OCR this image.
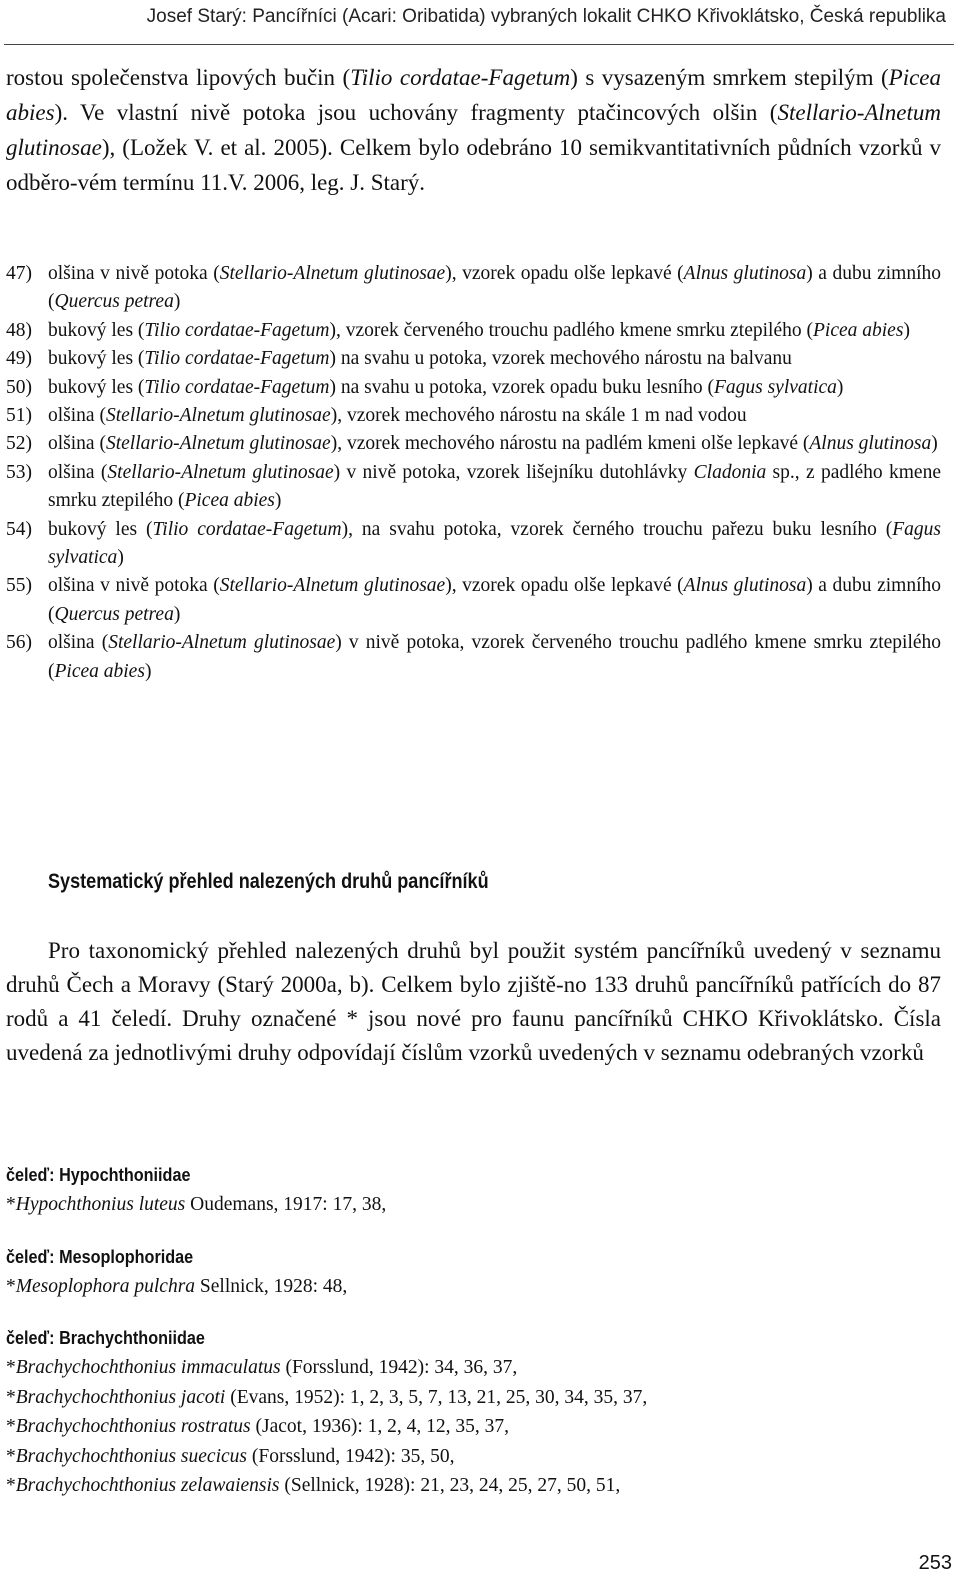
Josef Starý: Pancířníci (Acari: Oribatida) vybraných lokalit CHKO Křivoklátsko, Česká republika

rostou společenstva lipových bučin (Tilio cordatae-Fagetum) s vysazeným smrkem stepilým (Picea abies). Ve vlastní nivě potoka jsou uchovány fragmenty ptačincových olšin (Stellario-Alnetum glutinosae), (Ložek V. et al. 2005). Celkem bylo odebráno 10 semikvantitativních půdních vzorků v odběro-vém termínu 11.V. 2006, leg. J. Starý.

47) olšina v nivě potoka (Stellario-Alnetum glutinosae), vzorek opadu olše lepkavé (Alnus glutinosa) a dubu zimního (Quercus petrea)
48) bukový les (Tilio cordatae-Fagetum), vzorek červeného trouchu padlého kmene smrku ztepilého (Picea abies)
49) bukový les (Tilio cordatae-Fagetum) na svahu u potoka, vzorek mechového nárostu na balvanu
50) bukový les (Tilio cordatae-Fagetum) na svahu u potoka, vzorek opadu buku lesního (Fagus sylvatica)
51) olšina (Stellario-Alnetum glutinosae), vzorek mechového nárostu na skále 1 m nad vodou
52) olšina (Stellario-Alnetum glutinosae), vzorek mechového nárostu na padlém kmeni olše lepkavé (Alnus glutinosa)
53) olšina (Stellario-Alnetum glutinosae) v nivě potoka, vzorek lišejníku dutohlávky Cladonia sp., z padlého kmene smrku ztepilého (Picea abies)
54) bukový les (Tilio cordatae-Fagetum), na svahu potoka, vzorek černého trouchu pařezu buku lesního (Fagus sylvatica)
55) olšina v nivě potoka (Stellario-Alnetum glutinosae), vzorek opadu olše lepkavé (Alnus glutinosa) a dubu zimního (Quercus petrea)
56) olšina (Stellario-Alnetum glutinosae) v nivě potoka, vzorek červeného trouchu padlého kmene smrku ztepilého (Picea abies)
Systematický přehled nalezených druhů pancířníků

Pro taxonomický přehled nalezených druhů byl použit systém pancířníků uvedený v seznamu druhů Čech a Moravy (Starý 2000a, b). Celkem bylo zjiště-no 133 druhů pancířníků patřících do 87 rodů a 41 čeledí. Druhy označené * jsou nové pro faunu pancířníků CHKO Křivoklátsko. Čísla uvedená za jednotlivými druhy odpovídají číslům vzorků uvedených v seznamu odebraných vzorků

čeleď: Hypochthoniidae
*Hypochthonius luteus Oudemans, 1917: 17, 38,
čeleď: Mesoplophoridae
*Mesoplophora pulchra Sellnick, 1928: 48,
čeleď: Brachychthoniidae
*Brachychochthonius immaculatus (Forsslund, 1942): 34, 36, 37,
*Brachychochthonius jacoti (Evans, 1952): 1, 2, 3, 5, 7, 13, 21, 25, 30, 34, 35, 37,
*Brachychochthonius rostratus (Jacot, 1936): 1, 2, 4, 12, 35, 37,
*Brachychochthonius suecicus (Forsslund, 1942): 35, 50,
*Brachychochthonius zelawaiensis (Sellnick, 1928): 21, 23, 24, 25, 27, 50, 51,
253
